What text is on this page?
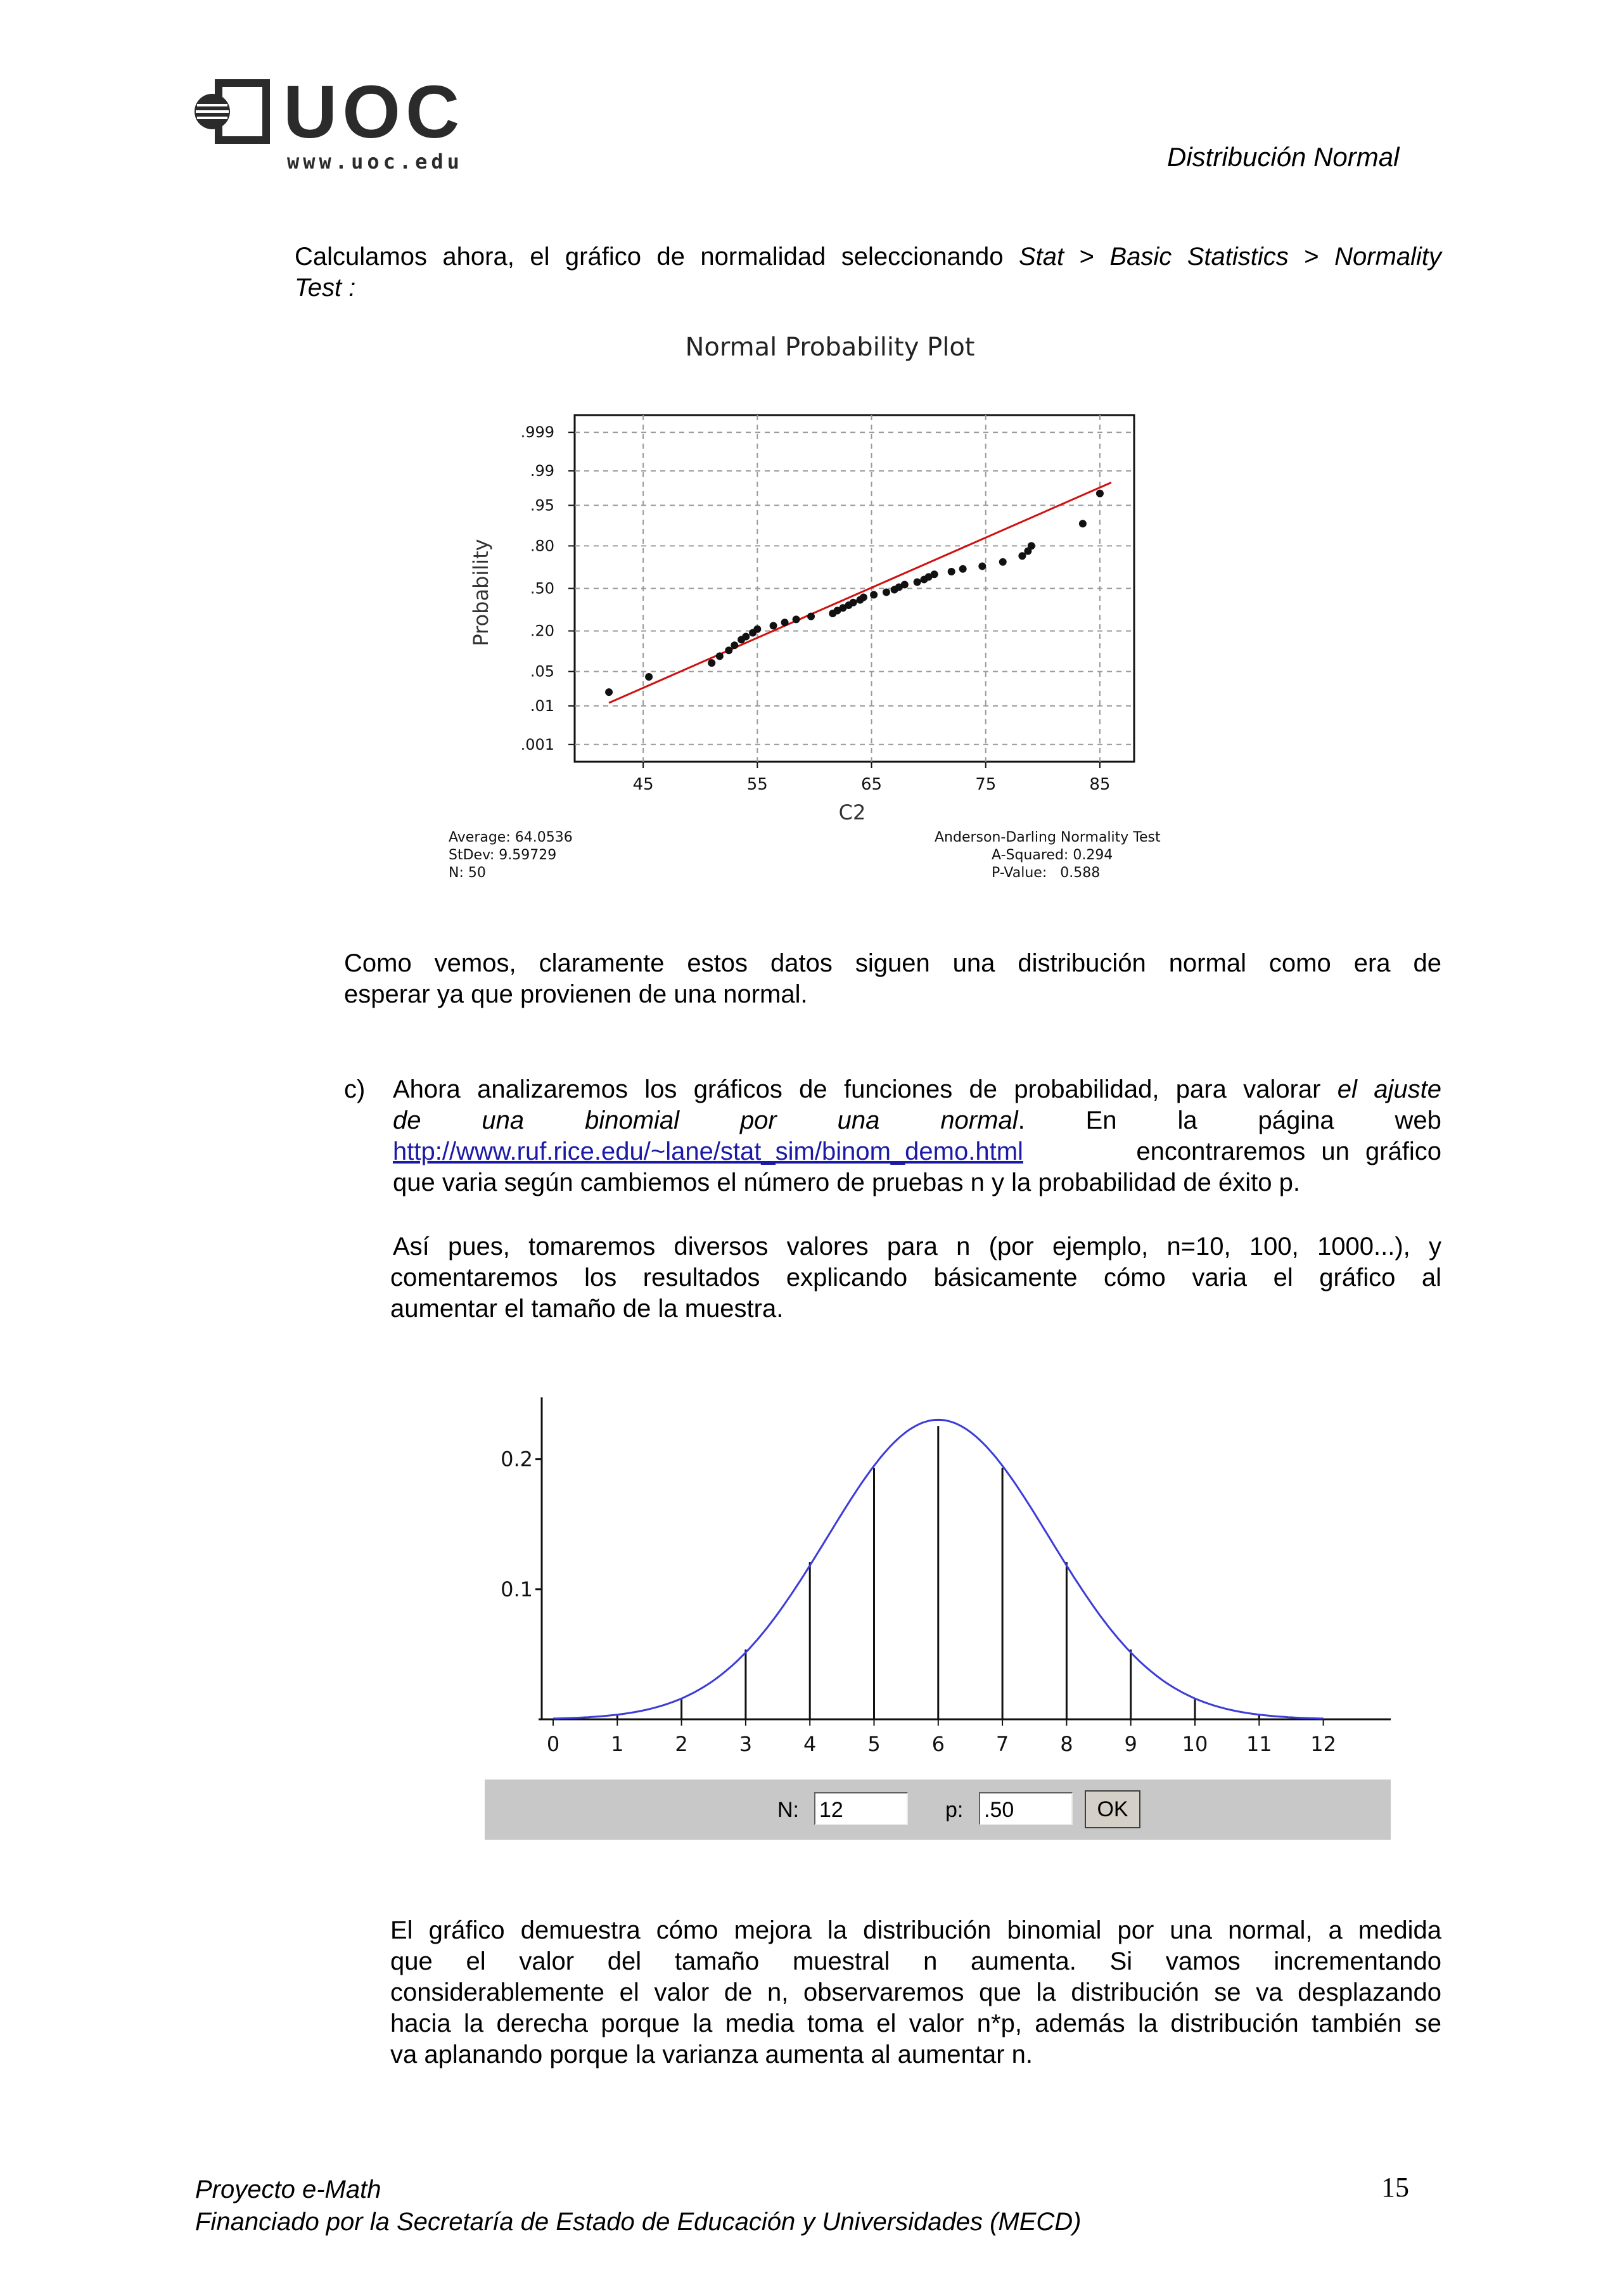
UOC
www.uoc.edu	Distribución Normal
Calculamos ahora, el gráfico de normalidad seleccionando Stat > Basic Statistics > Normality
Test :
Normal Probability Plot
.999
.99
.95
.80
.50
.20
.05
.01
.001
45	55	65	75	85
Probability
C2
Average: 64.0536
StDev: 9.59729
N: 50
Anderson-Darling Normality Test
A-Squared: 0.294
P-Value:   0.588
Como vemos, claramente estos datos siguen una distribución normal como era de
esperar ya que provienen de una normal.
c) Ahora analizaremos los gráficos de funciones de probabilidad, para valorar el ajuste
de una binomial por una normal. En la página web
http://www.ruf.rice.edu/~lane/stat_sim/binom_demo.html	encontraremos un gráfico
que varia según cambiemos el número de pruebas n y la probabilidad de éxito p.
Así pues, tomaremos diversos valores para n (por ejemplo, n=10, 100, 1000...), y
comentaremos los resultados explicando básicamente cómo varia el gráfico al
aumentar el tamaño de la muestra.
0.1
0.2
0	1	2	3	4	5	6	7	8	9 10 11 12
N: 12	p: .50	OK
El gráfico demuestra cómo mejora la distribución binomial por una normal, a medida
que el valor del tamaño muestral n aumenta. Si vamos incrementando
considerablemente el valor de n, observaremos que la distribución se va desplazando
hacia la derecha porque la media toma el valor n*p, además la distribución también se
va aplanando porque la varianza aumenta al aumentar n.
Proyecto e-Math
Financiado por la Secretaría de Estado de Educación y Universidades (MECD)
15
